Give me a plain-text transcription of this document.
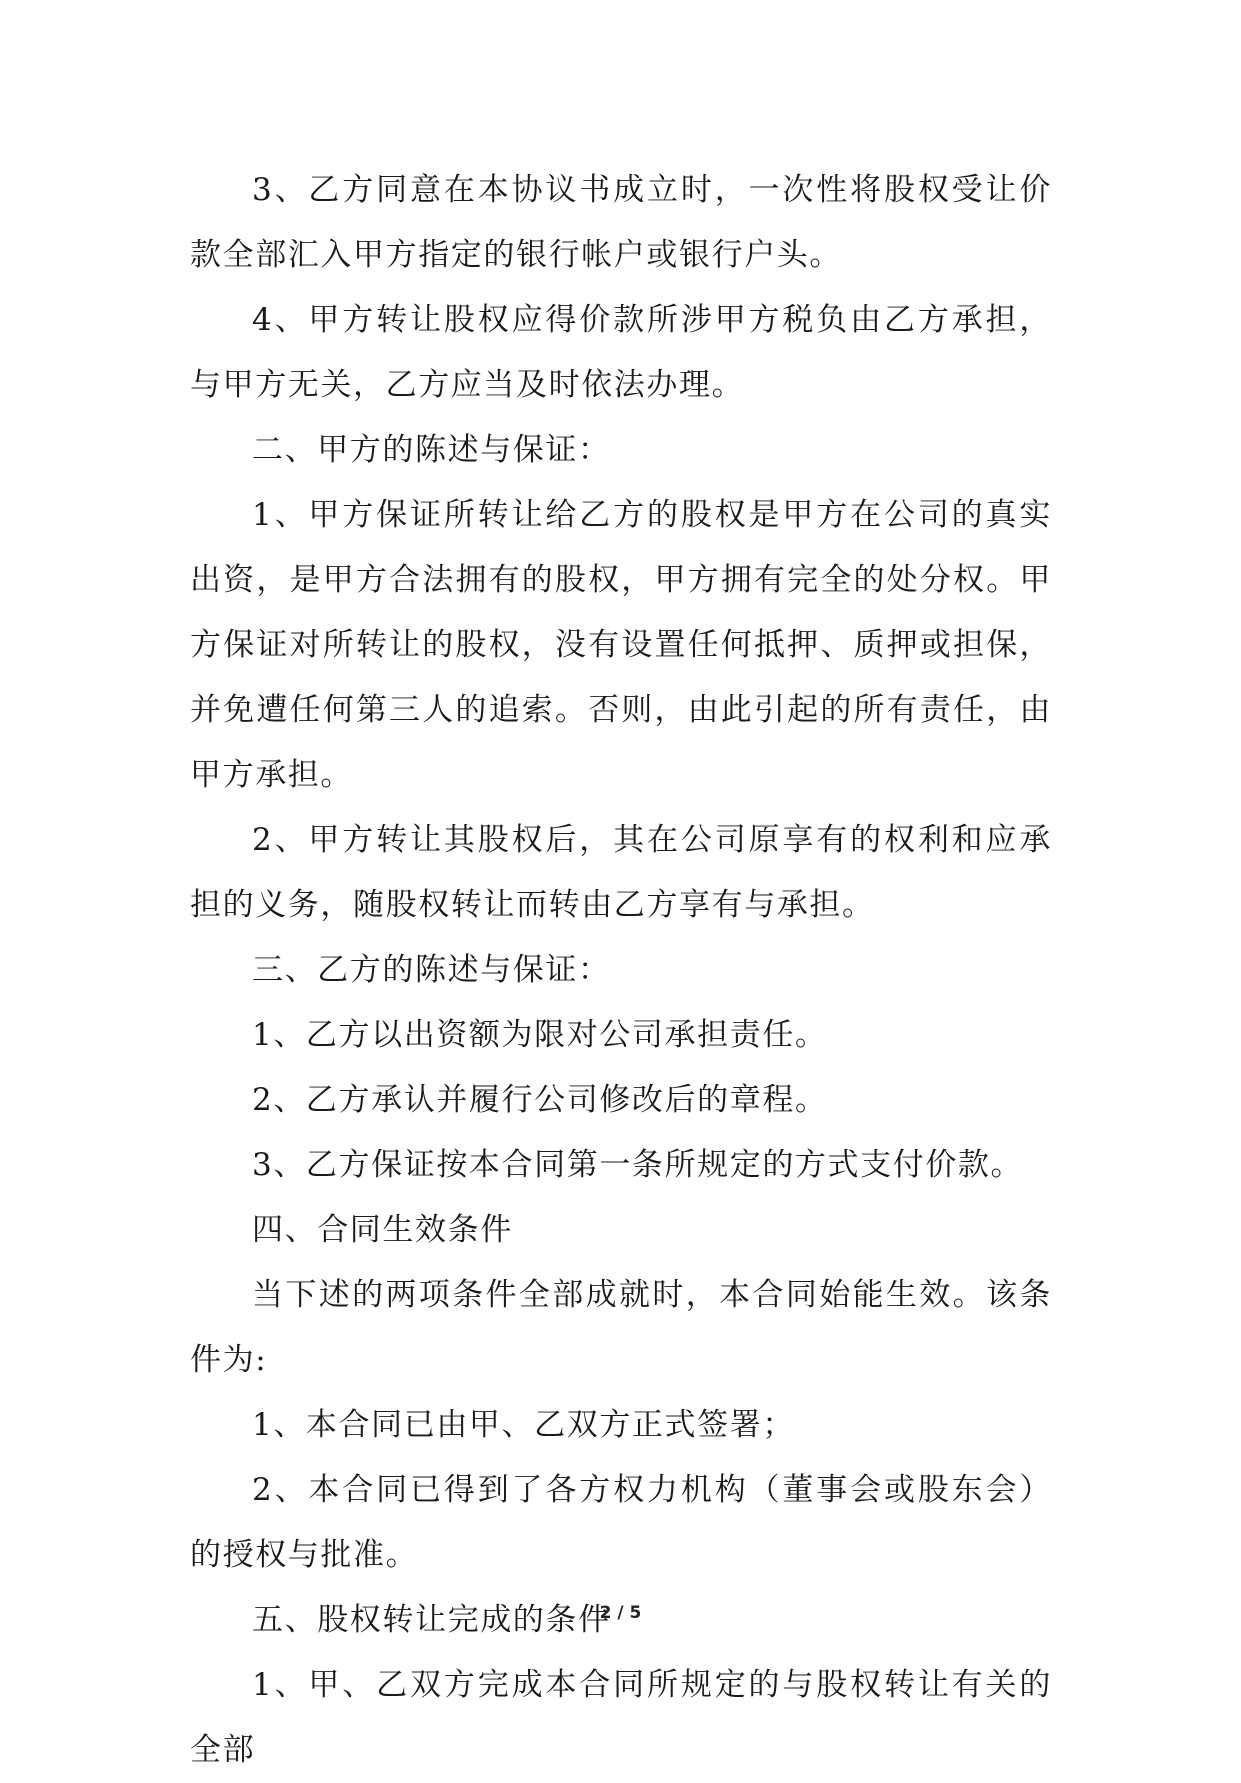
3、乙方同意在本协议书成立时，一次性将股权受让价款全部汇入甲方指定的银行帐户或银行户头。

4、甲方转让股权应得价款所涉甲方税负由乙方承担，与甲方无关，乙方应当及时依法办理。

二、甲方的陈述与保证：

1、甲方保证所转让给乙方的股权是甲方在公司的真实出资，是甲方合法拥有的股权，甲方拥有完全的处分权。甲方保证对所转让的股权，没有设置任何抵押、质押或担保，并免遭任何第三人的追索。否则，由此引起的所有责任，由甲方承担。

2、甲方转让其股权后，其在公司原享有的权利和应承担的义务，随股权转让而转由乙方享有与承担。

三、乙方的陈述与保证：

1、乙方以出资额为限对公司承担责任。

2、乙方承认并履行公司修改后的章程。

3、乙方保证按本合同第一条所规定的方式支付价款。

四、合同生效条件

当下述的两项条件全部成就时，本合同始能生效。该条件为:

1、本合同已由甲、乙双方正式签署；

2、本合同已得到了各方权力机构（董事会或股东会）的授权与批准。

五、股权转让完成的条件

1、甲、乙双方完成本合同所规定的与股权转让有关的全部

2 / 5
